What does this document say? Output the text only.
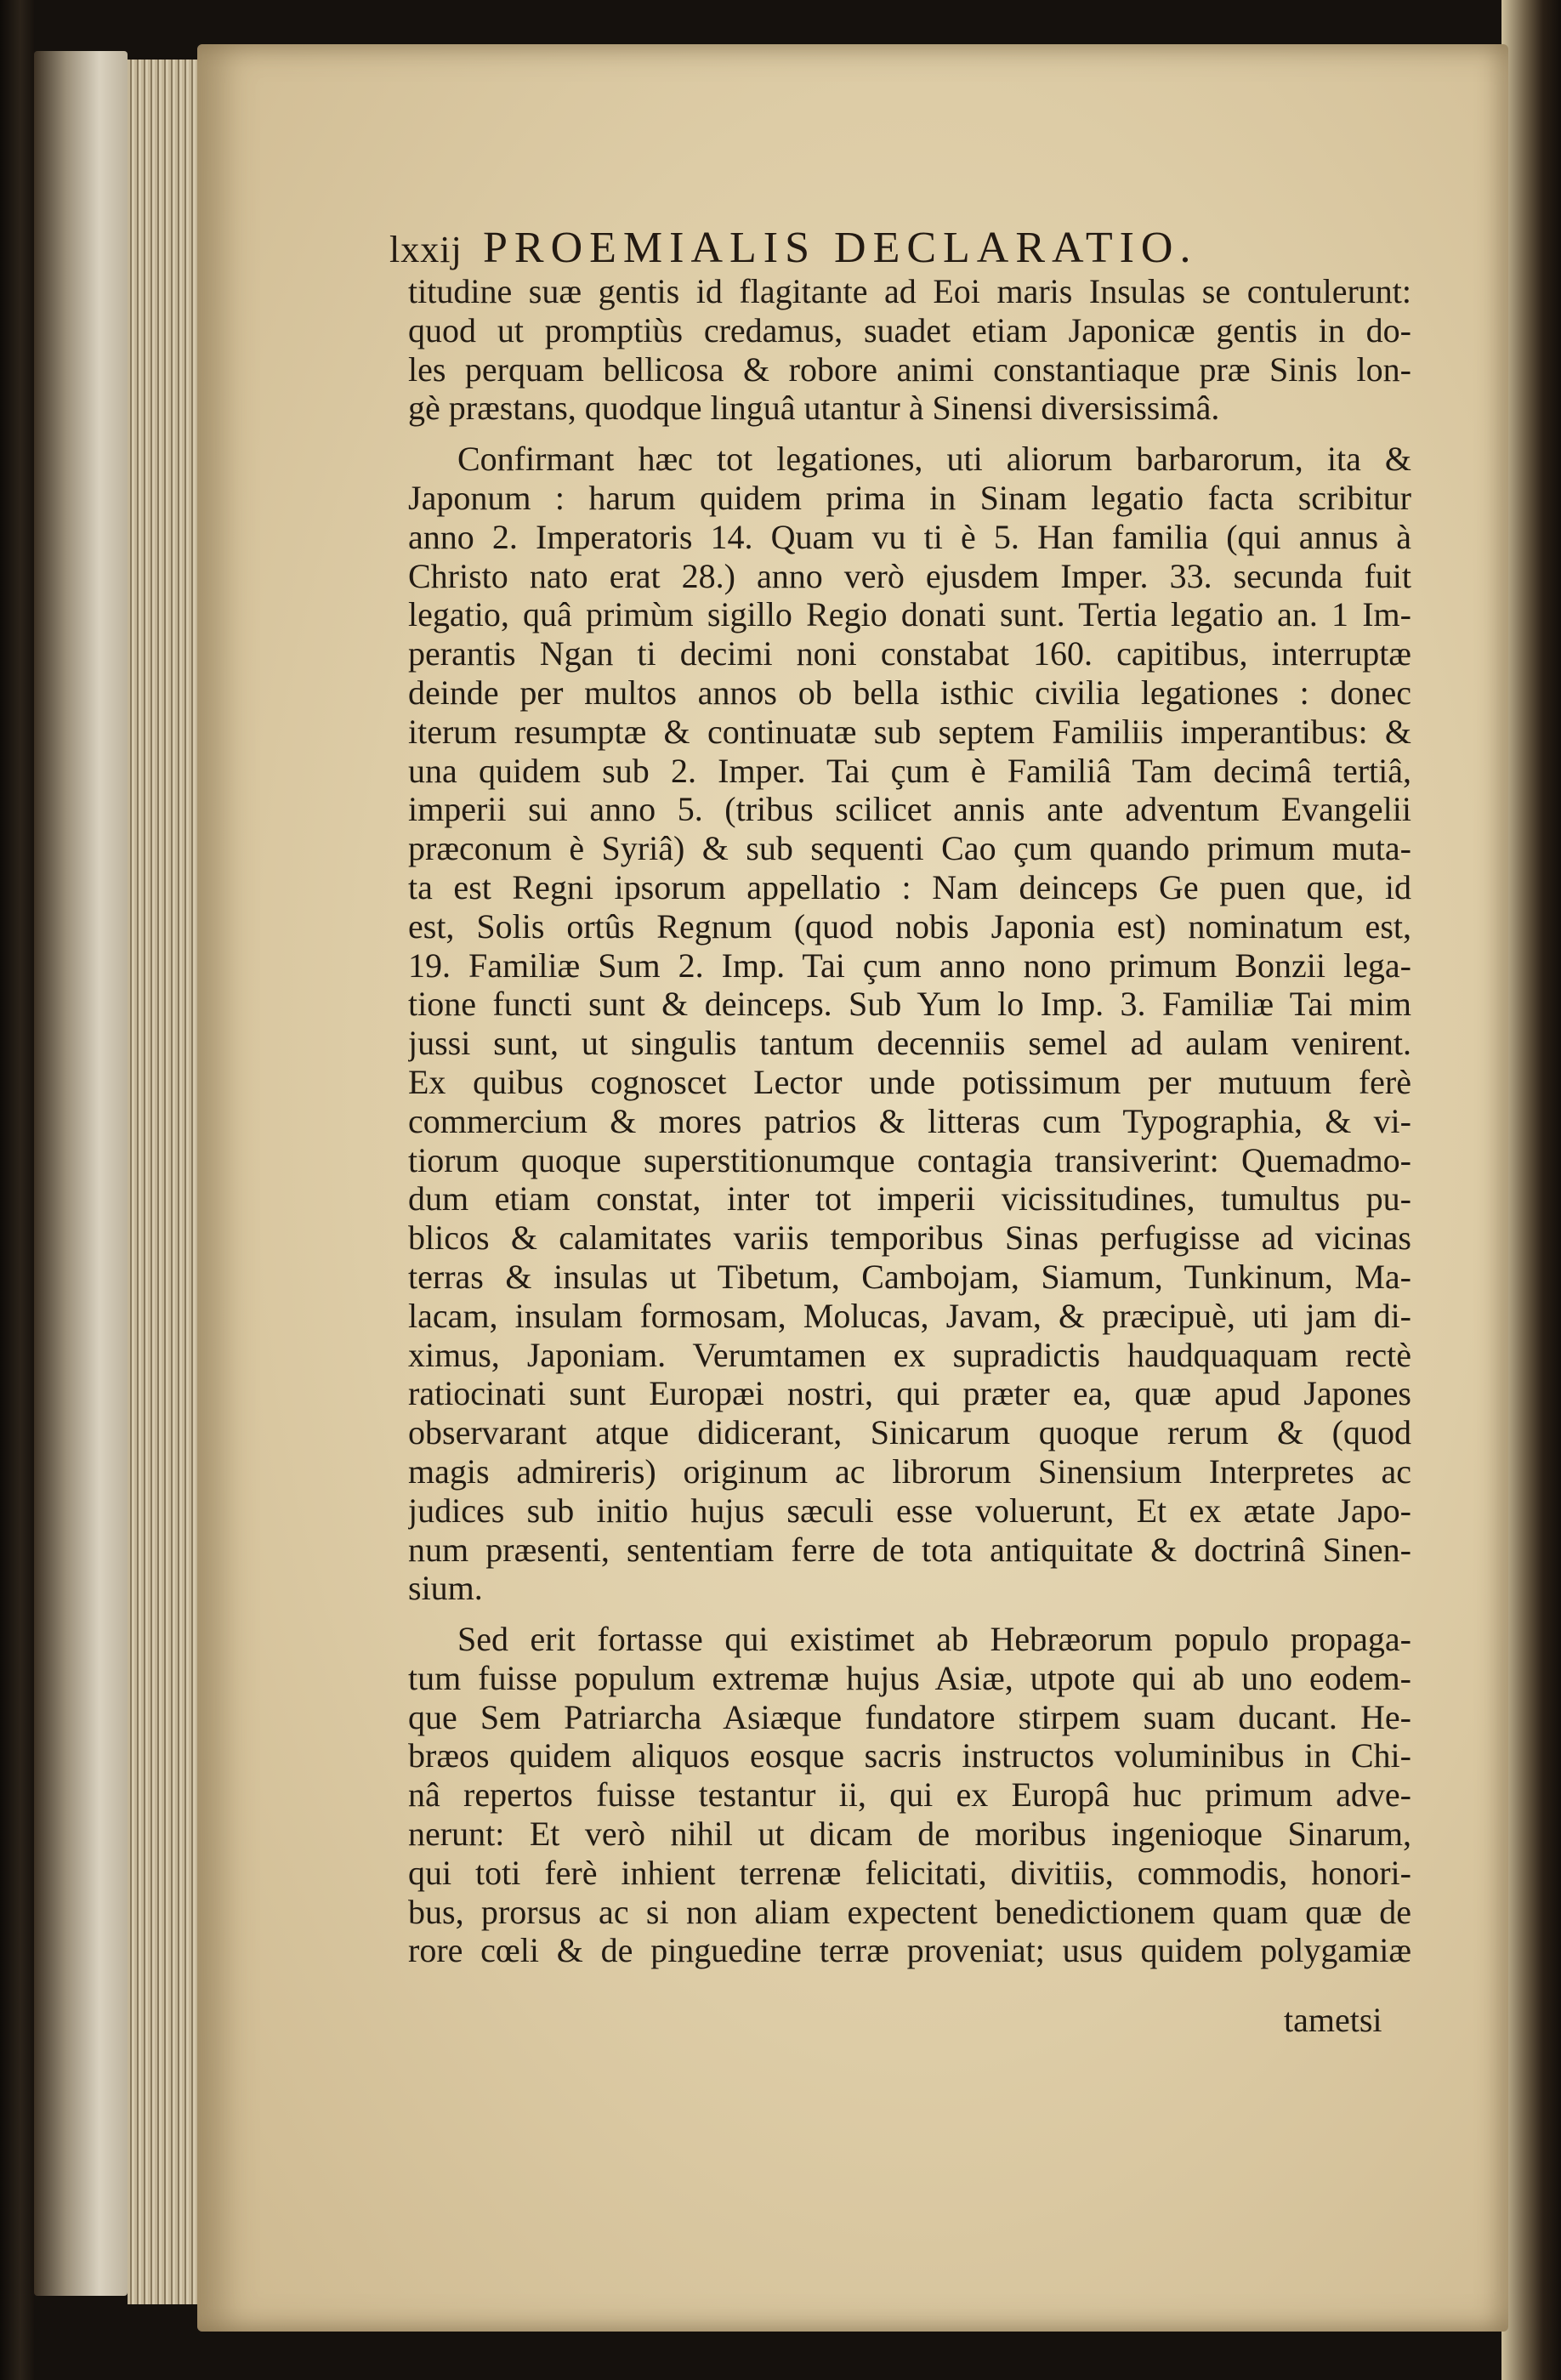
lxxij PROEMIALIS DECLARATIO.
titudine suæ gentis id flagitante ad Eoi maris Insulas se contulerunt:
quod ut promptiùs credamus, suadet etiam Japonicæ gentis in do-
les perquam bellicosa & robore animi constantiaque præ Sinis lon-
gè præstans, quodque linguâ utantur à Sinensi diversissimâ.
Confirmant hæc tot legationes, uti aliorum barbarorum, ita &
Japonum : harum quidem prima in Sinam legatio facta scribitur
anno 2. Imperatoris 14. Quam vu ti è 5. Han familia (qui annus à
Christo nato erat 28.) anno verò ejusdem Imper. 33. secunda fuit
legatio, quâ primùm sigillo Regio donati sunt. Tertia legatio an. 1 Im-
perantis Ngan ti decimi noni constabat 160. capitibus, interruptæ
deinde per multos annos ob bella isthic civilia legationes : donec
iterum resumptæ & continuatæ sub septem Familiis imperantibus: &
una quidem sub 2. Imper. Tai çum è Familiâ Tam decimâ tertiâ,
imperii sui anno 5. (tribus scilicet annis ante adventum Evangelii
præconum è Syriâ) & sub sequenti Cao çum quando primum muta-
ta est Regni ipsorum appellatio : Nam deinceps Ge puen que, id
est, Solis ortûs Regnum (quod nobis Japonia est) nominatum est,
19. Familiæ Sum 2. Imp. Tai çum anno nono primum Bonzii lega-
tione functi sunt & deinceps. Sub Yum lo Imp. 3. Familiæ Tai mim
jussi sunt, ut singulis tantum decenniis semel ad aulam venirent.
Ex quibus cognoscet Lector unde potissimum per mutuum ferè
commercium & mores patrios & litteras cum Typographia, & vi-
tiorum quoque superstitionumque contagia transiverint: Quemadmo-
dum etiam constat, inter tot imperii vicissitudines, tumultus pu-
blicos & calamitates variis temporibus Sinas perfugisse ad vicinas
terras & insulas ut Tibetum, Cambojam, Siamum, Tunkinum, Ma-
lacam, insulam formosam, Molucas, Javam, & præcipuè, uti jam di-
ximus, Japoniam. Verumtamen ex supradictis haudquaquam rectè
ratiocinati sunt Europæi nostri, qui præter ea, quæ apud Japones
observarant atque didicerant, Sinicarum quoque rerum & (quod
magis admireris) originum ac librorum Sinensium Interpretes ac
judices sub initio hujus sæculi esse voluerunt, Et ex ætate Japo-
num præsenti, sententiam ferre de tota antiquitate & doctrinâ Sinen-
sium.
Sed erit fortasse qui existimet ab Hebræorum populo propaga-
tum fuisse populum extremæ hujus Asiæ, utpote qui ab uno eodem-
que Sem Patriarcha Asiæque fundatore stirpem suam ducant. He-
bræos quidem aliquos eosque sacris instructos voluminibus in Chi-
nâ repertos fuisse testantur ii, qui ex Europâ huc primum adve-
nerunt: Et verò nihil ut dicam de moribus ingenioque Sinarum,
qui toti ferè inhient terrenæ felicitati, divitiis, commodis, honori-
bus, prorsus ac si non aliam expectent benedictionem quam quæ de
rore cœli & de pinguedine terræ proveniat; usus quidem polygamiæ
tametsi
